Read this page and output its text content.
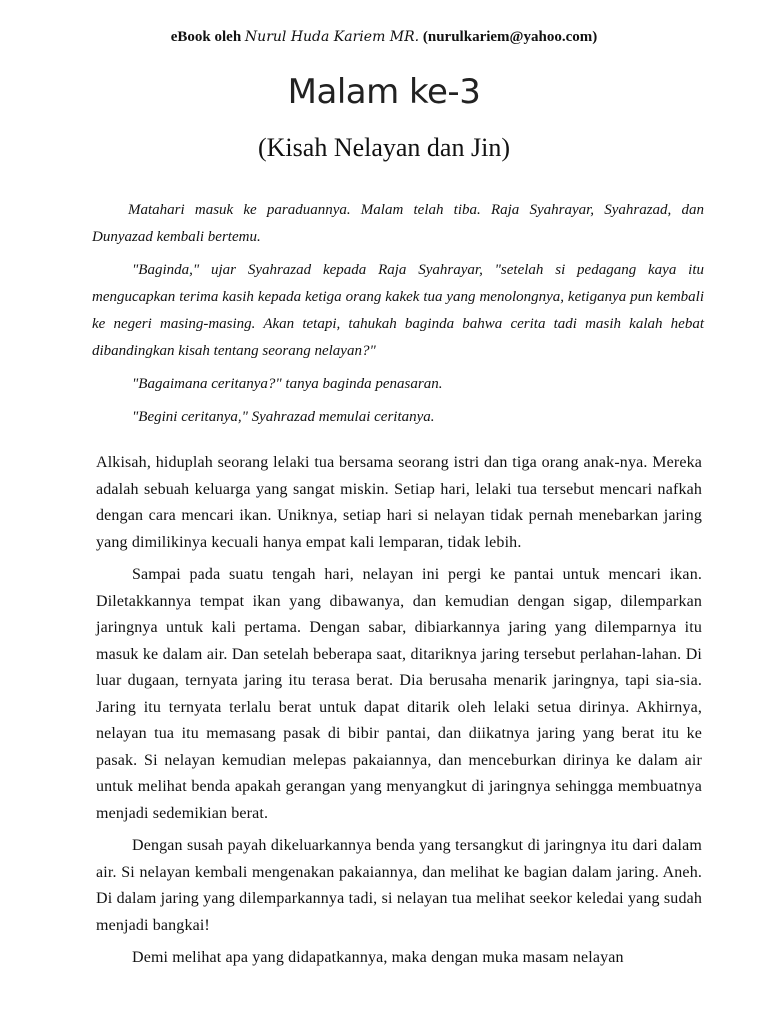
eBook oleh Nurul Huda Kariem MR. (nurulkariem@yahoo.com)
Malam ke-3
(Kisah Nelayan dan Jin)

Matahari masuk ke paraduannya. Malam telah tiba. Raja Syahrayar, Syahrazad, dan Dunyazad kembali bertemu.

"Baginda," ujar Syahrazad kepada Raja Syahrayar, "setelah si pedagang kaya itu mengucapkan terima kasih kepada ketiga orang kakek tua yang menolongnya, ketiganya pun kembali ke negeri masing-masing. Akan tetapi, tahukah baginda bahwa cerita tadi masih kalah hebat dibandingkan kisah tentang seorang nelayan?"

"Bagaimana ceritanya?" tanya baginda penasaran.

"Begini ceritanya," Syahrazad memulai ceritanya.

Alkisah, hiduplah seorang lelaki tua bersama seorang istri dan tiga orang anak-nya. Mereka adalah sebuah keluarga yang sangat miskin. Setiap hari, lelaki tua tersebut mencari nafkah dengan cara mencari ikan. Uniknya, setiap hari si nelayan tidak pernah menebarkan jaring yang dimilikinya kecuali hanya empat kali lemparan, tidak lebih.

Sampai pada suatu tengah hari, nelayan ini pergi ke pantai untuk mencari ikan. Diletakkannya tempat ikan yang dibawanya, dan kemudian dengan sigap, dilemparkan jaringnya untuk kali pertama. Dengan sabar, dibiarkannya jaring yang dilemparnya itu masuk ke dalam air. Dan setelah beberapa saat, ditariknya jaring tersebut perlahan-lahan. Di luar dugaan, ternyata jaring itu terasa berat. Dia berusaha menarik jaringnya, tapi sia-sia. Jaring itu ternyata terlalu berat untuk dapat ditarik oleh lelaki setua dirinya. Akhirnya, nelayan tua itu memasang pasak di bibir pantai, dan diikatnya jaring yang berat itu ke pasak. Si nelayan kemudian melepas pakaiannya, dan menceburkan dirinya ke dalam air untuk melihat benda apakah gerangan yang menyangkut di jaringnya sehingga membuatnya menjadi sedemikian berat.

Dengan susah payah dikeluarkannya benda yang tersangkut di jaringnya itu dari dalam air. Si nelayan kembali mengenakan pakaiannya, dan melihat ke bagian dalam jaring. Aneh. Di dalam jaring yang dilemparkannya tadi, si nelayan tua melihat seekor keledai yang sudah menjadi bangkai!

Demi melihat apa yang didapatkannya, maka dengan muka masam nelayan
